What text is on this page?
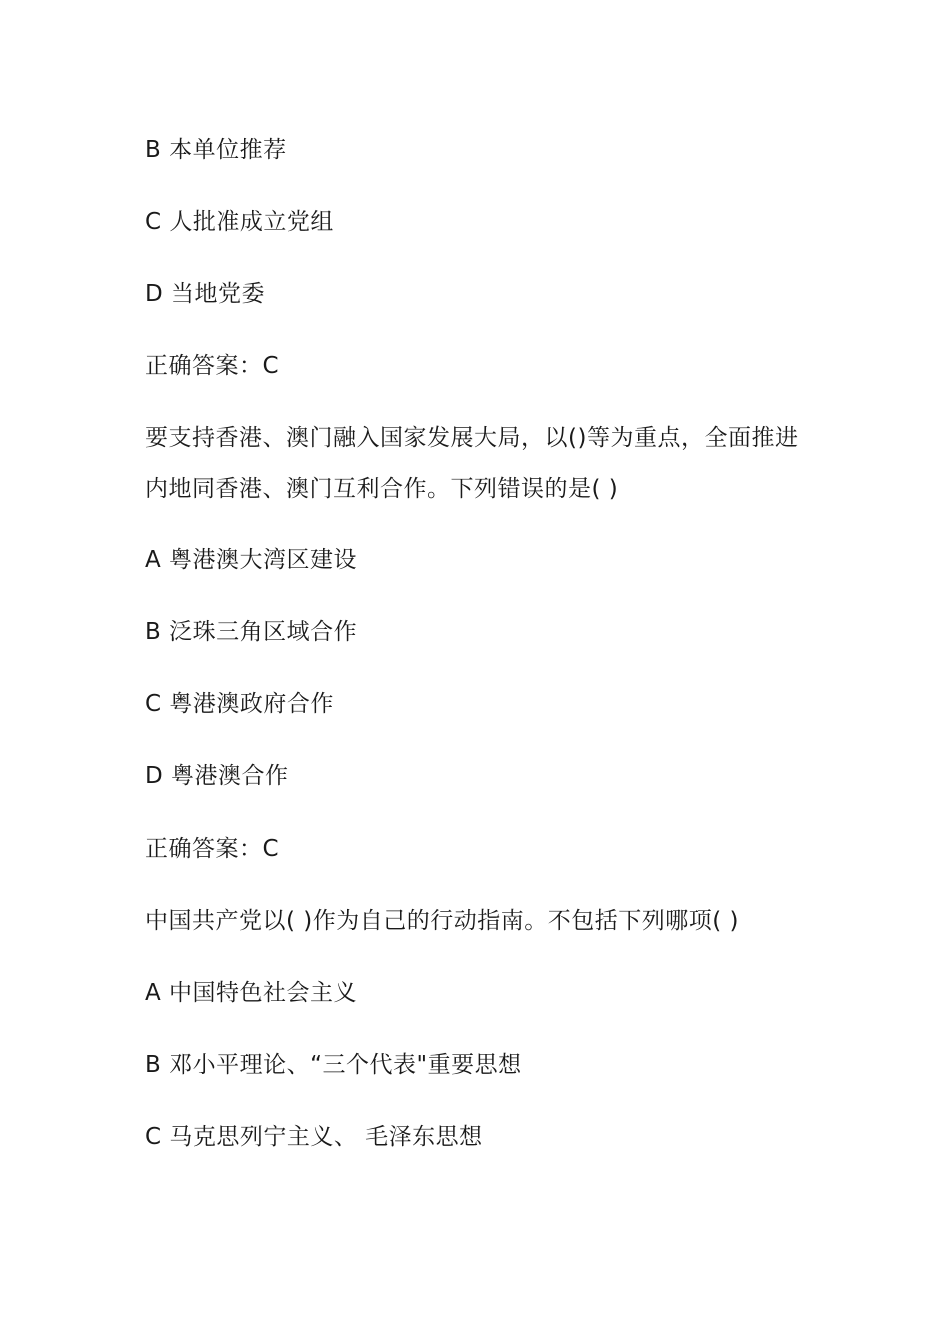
B 本单位推荐
C 人批准成立党组
D 当地党委
正确答案：C
要支持香港、澳门融入国家发展大局，以()等为重点，全面推进
内地同香港、澳门互利合作。下列错误的是( )
A 粤港澳大湾区建设
B 泛珠三角区域合作
C 粤港澳政府合作
D 粤港澳合作
正确答案：C
中国共产党以( )作为自己的行动指南。不包括下列哪项( )
A 中国特色社会主义
B 邓小平理论、“三个代表"重要思想
C 马克思列宁主义、 毛泽东思想
